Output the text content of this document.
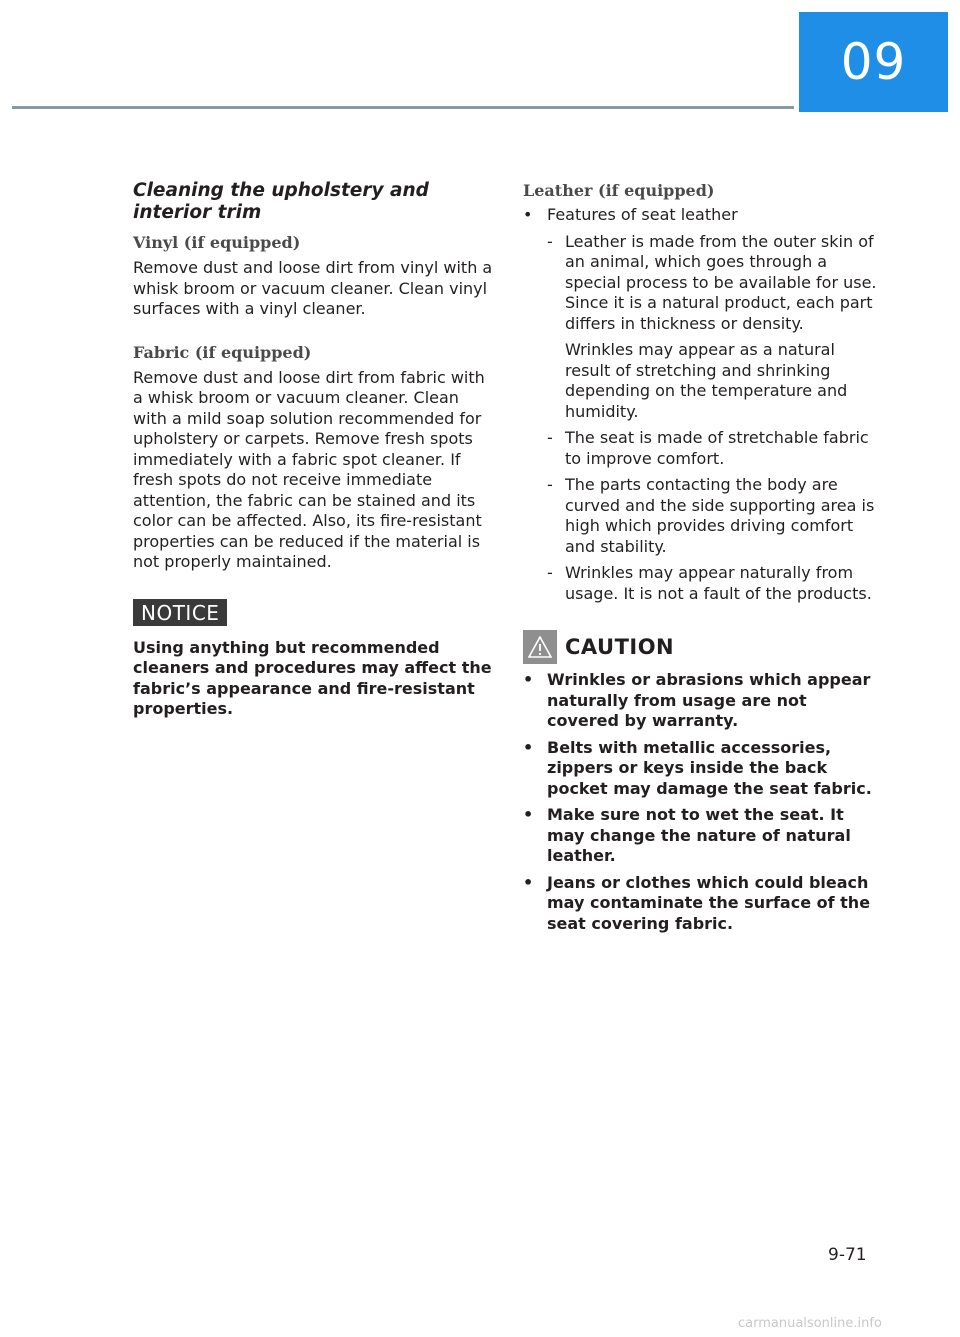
09
Cleaning the upholstery and interior trim
Vinyl (if equipped)

Remove dust and loose dirt from vinyl with a whisk broom or vacuum cleaner. Clean vinyl surfaces with a vinyl cleaner.

Fabric (if equipped)

Remove dust and loose dirt from fabric with a whisk broom or vacuum cleaner. Clean with a mild soap solution recommended for upholstery or carpets. Remove fresh spots immediately with a fabric spot cleaner. If fresh spots do not receive immediate attention, the fabric can be stained and its color can be affected. Also, its fire-resistant properties can be reduced if the material is not properly maintained.

NOTICE

Using anything but recommended cleaners and procedures may affect the fabric’s appearance and fire-resistant properties.

Leather (if equipped)
• Features of seat leather
- Leather is made from the outer skin of an animal, which goes through a special process to be available for use. Since it is a natural product, each part differs in thickness or density.
Wrinkles may appear as a natural result of stretching and shrinking depending on the temperature and humidity.
- The seat is made of stretchable fabric to improve comfort.
- The parts contacting the body are curved and the side supporting area is high which provides driving comfort and stability.
- Wrinkles may appear naturally from usage. It is not a fault of the products.
CAUTION
• Wrinkles or abrasions which appear naturally from usage are not covered by warranty.
• Belts with metallic accessories, zippers or keys inside the back pocket may damage the seat fabric.
• Make sure not to wet the seat. It may change the nature of natural leather.
• Jeans or clothes which could bleach may contaminate the surface of the seat covering fabric.
9-71
carmanualsonline.info
